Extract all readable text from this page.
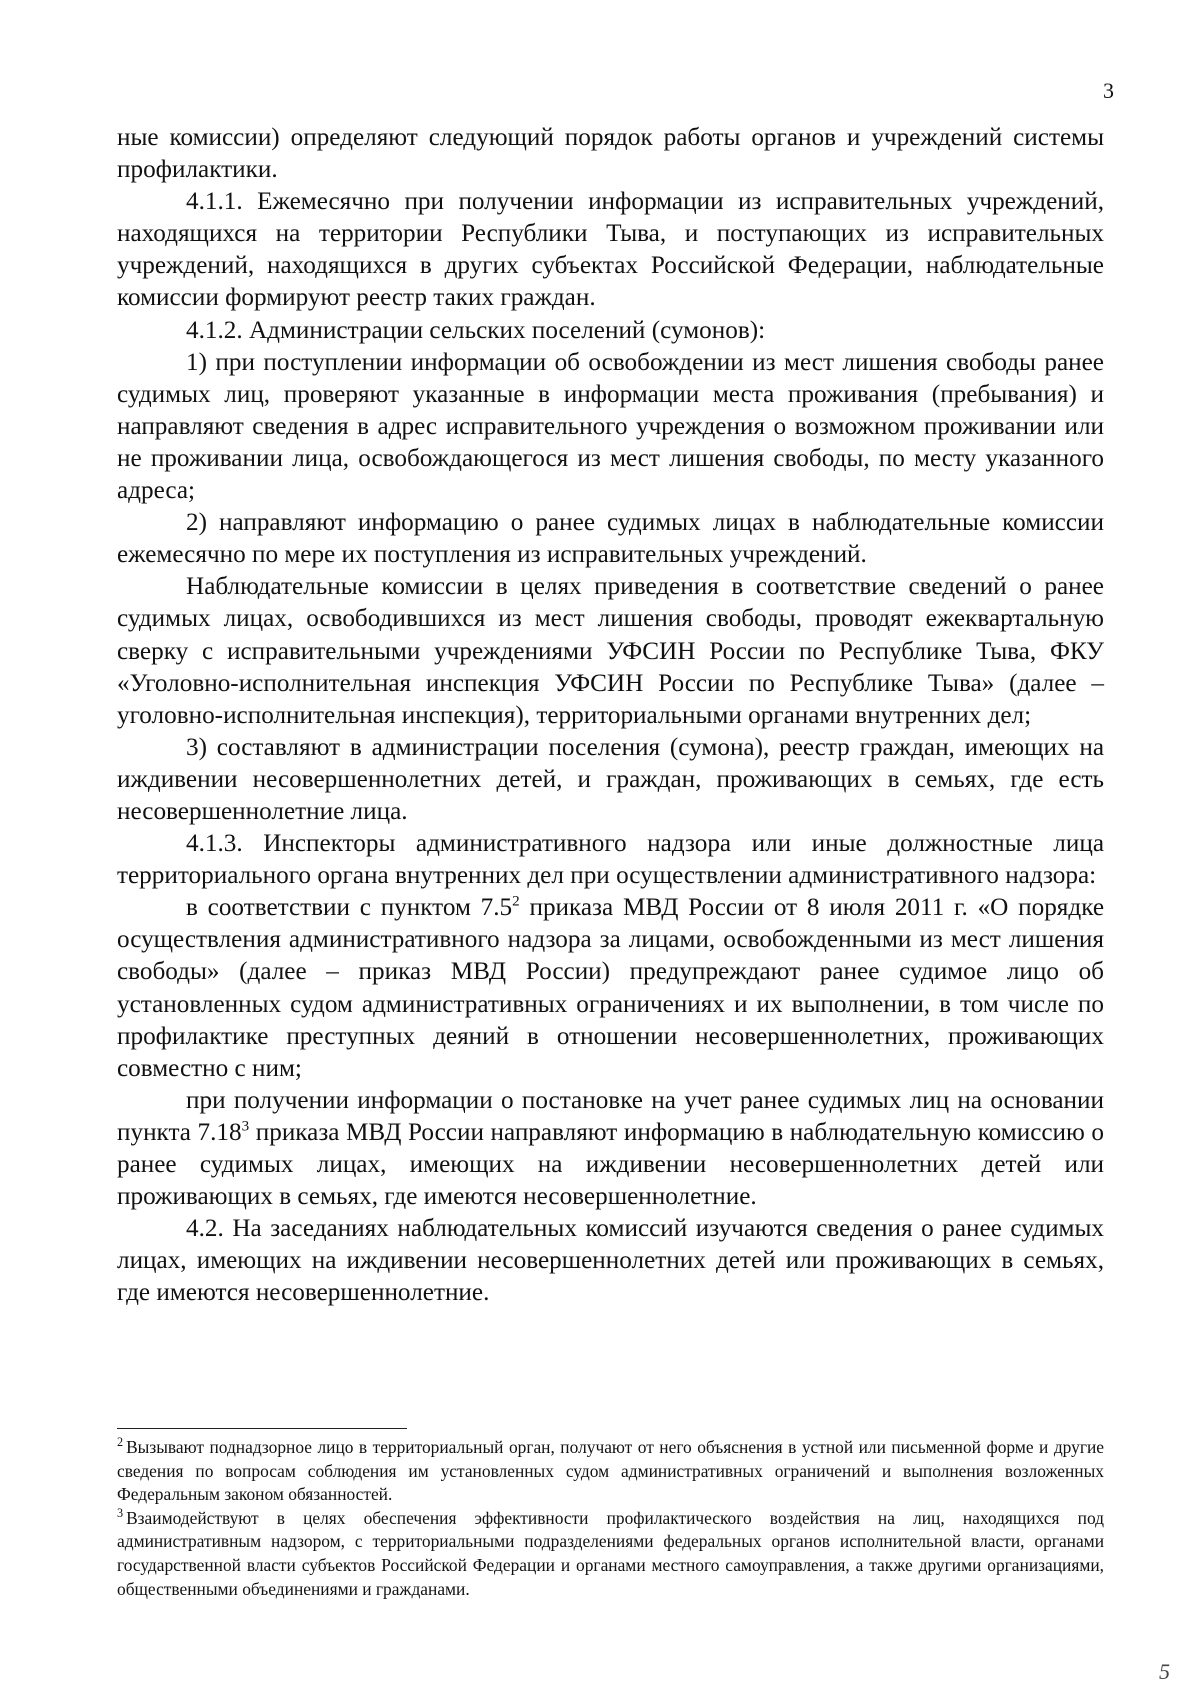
3

ные комиссии) определяют следующий порядок работы органов и учреждений системы профилактики.

4.1.1. Ежемесячно при получении информации из исправительных учреждений, находящихся на территории Республики Тыва, и поступающих из исправительных учреждений, находящихся в других субъектах Российской Федерации, наблюдательные комиссии формируют реестр таких граждан.

4.1.2. Администрации сельских поселений (сумонов):

1) при поступлении информации об освобождении из мест лишения свободы ранее судимых лиц, проверяют указанные в информации места проживания (пребывания) и направляют сведения в адрес исправительного учреждения о возможном проживании или не проживании лица, освобождающегося из мест лишения свободы, по месту указанного адреса;

2) направляют информацию о ранее судимых лицах в наблюдательные комиссии ежемесячно по мере их поступления из исправительных учреждений.

Наблюдательные комиссии в целях приведения в соответствие сведений о ранее судимых лицах, освободившихся из мест лишения свободы, проводят ежеквартальную сверку с исправительными учреждениями УФСИН России по Республике Тыва, ФКУ «Уголовно-исполнительная инспекция УФСИН России по Республике Тыва» (далее – уголовно-исполнительная инспекция), территориальными органами внутренних дел;

3) составляют в администрации поселения (сумона), реестр граждан, имеющих на иждивении несовершеннолетних детей, и граждан, проживающих в семьях, где есть несовершеннолетние лица.

4.1.3. Инспекторы административного надзора или иные должностные лица территориального органа внутренних дел при осуществлении административного надзора:

в соответствии с пунктом $7.5^2$ приказа МВД России от 8 июля 2011 г. «О порядке осуществления административного надзора за лицами, освобожденными из мест лишения свободы» (далее – приказ МВД России) предупреждают ранее судимое лицо об установленных судом административных ограничениях и их выполнении, в том числе по профилактике преступных деяний в отношении несовершеннолетних, проживающих совместно с ним;

при получении информации о постановке на учет ранее судимых лиц на основании пункта 7.18$^3$ приказа МВД России направляют информацию в наблюдательную комиссию о ранее судимых лицах, имеющих на иждивении несовершеннолетних детей или проживающих в семьях, где имеются несовершеннолетние.

4.2. На заседаниях наблюдательных комиссий изучаются сведения о ранее судимых лицах, имеющих на иждивении несовершеннолетних детей или проживающих в семьях, где имеются несовершеннолетние.

$^2$ Вызывают поднадзорное лицо в территориальный орган, получают от него объяснения в устной или письменной форме и другие сведения по вопросам соблюдения им установленных судом административных ограничений и выполнения возложенных Федеральным законом обязанностей.

$^3$ Взаимодействуют в целях обеспечения эффективности профилактического воздействия на лиц, находящихся под административным надзором, с территориальными подразделениями федеральных органов исполнительной власти, органами государственной власти субъектов Российской Федерации и органами местного самоуправления, а также другими организациями, общественными объединениями и гражданами.

5
